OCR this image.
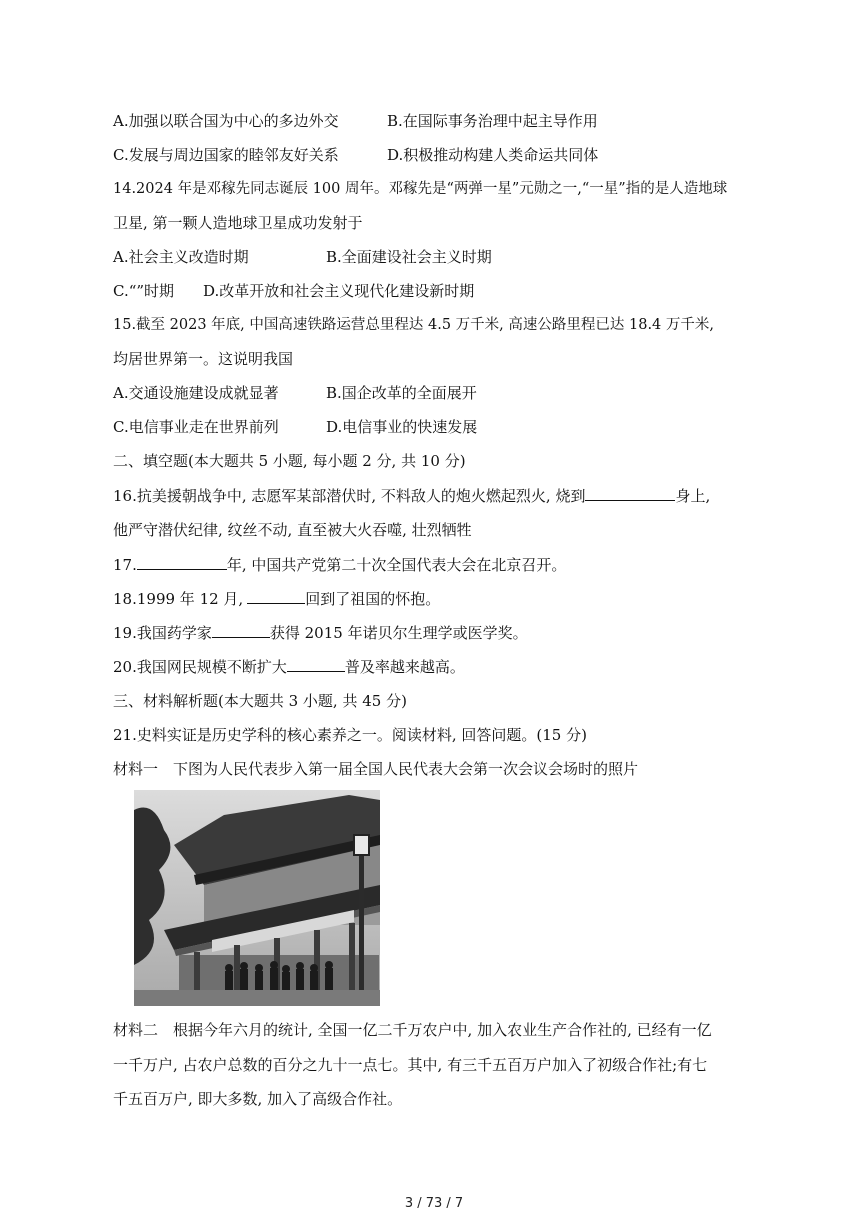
A.加强以联合国为中心的多边外交	B.在国际事务治理中起主导作用
C.发展与周边国家的睦邻友好关系	D.积极推动构建人类命运共同体
14.2024 年是邓稼先同志诞辰 100 周年。邓稼先是“两弹一星”元勋之一,“一星”指的是人造地球
卫星, 第一颗人造地球卫星成功发射于
A.社会主义改造时期	B.全面建设社会主义时期
C.“”时期 D.改革开放和社会主义现代化建设新时期
15.截至 2023 年底, 中国高速铁路运营总里程达 4.5 万千米, 高速公路里程已达 18.4 万千米,
均居世界第一。这说明我国
A.交通设施建设成就显著	B.国企改革的全面展开
C.电信事业走在世界前列	D.电信事业的快速发展
二、填空题(本大题共 5 小题, 每小题 2 分, 共 10 分)
16.抗美援朝战争中, 志愿军某部潜伏时, 不料敌人的炮火燃起烈火, 烧到	身上,
他严守潜伏纪律, 纹丝不动, 直至被大火吞噬, 壮烈牺牲
17.	年, 中国共产党第二十次全国代表大会在北京召开。
18.1999 年 12 月,	回到了祖国的怀抱。
19.我国药学家	获得 2015 年诺贝尔生理学或医学奖。
20.我国网民规模不断扩大	普及率越来越高。
三、材料解析题(本大题共 3 小题, 共 45 分)
21.史料实证是历史学科的核心素养之一。阅读材料, 回答问题。(15 分)
材料一　下图为人民代表步入第一届全国人民代表大会第一次会议会场时的照片
材料二　根据今年六月的统计, 全国一亿二千万农户中, 加入农业生产合作社的, 已经有一亿
一千万户, 占农户总数的百分之九十一点七。其中, 有三千五百万户加入了初级合作社;有七
千五百万户, 即大多数, 加入了高级合作社。
3 / 73 / 7
